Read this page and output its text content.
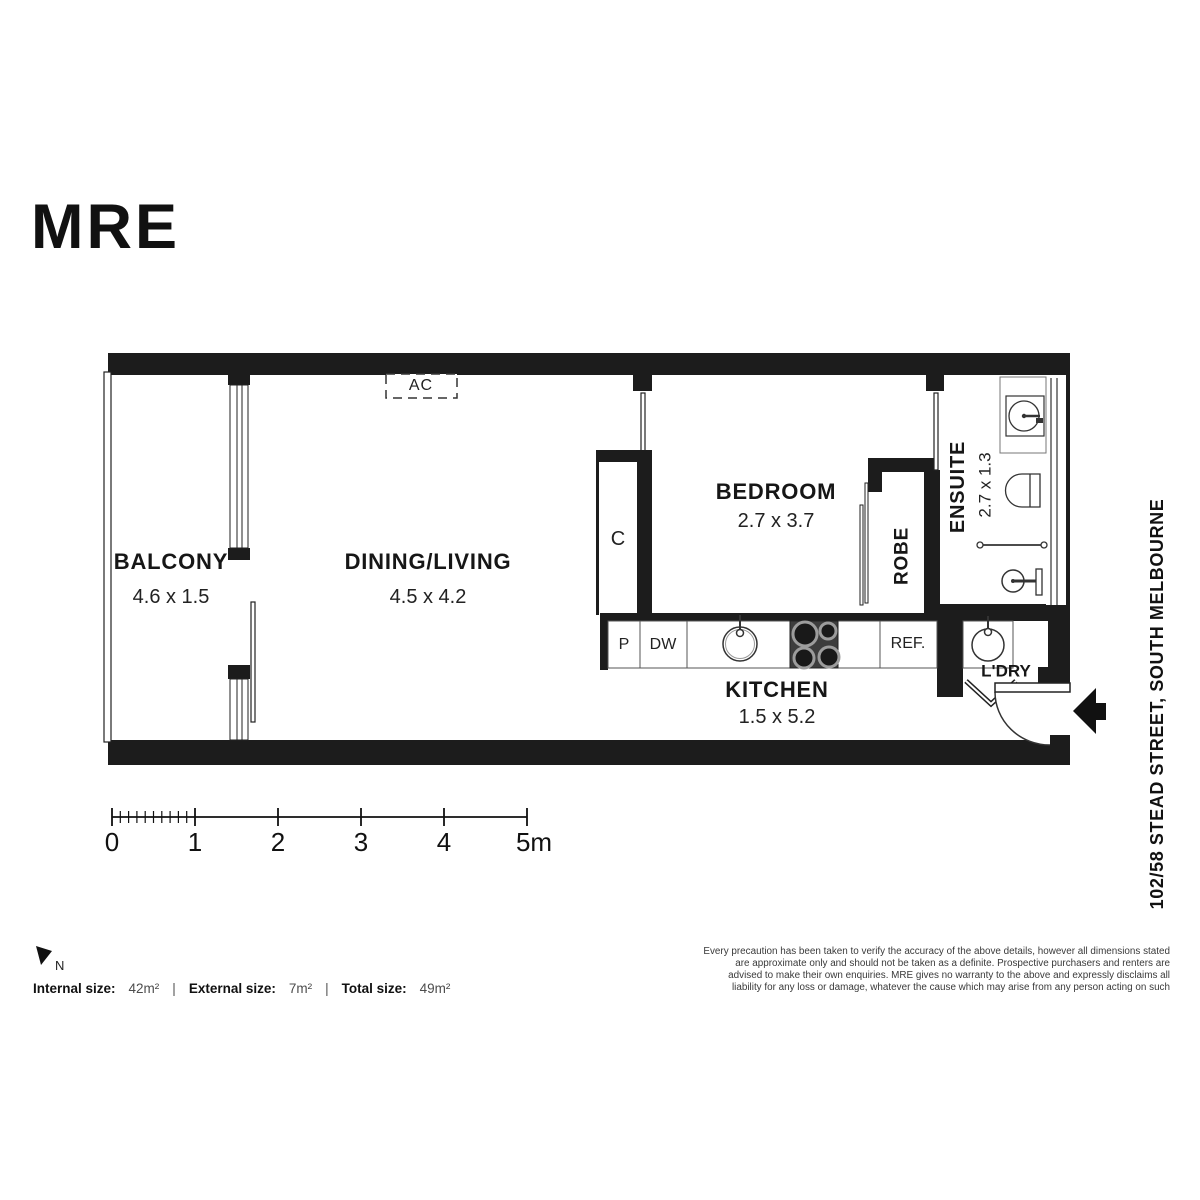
MRE
BALCONY
4.6 x 1.5
DINING/LIVING
4.5 x 4.2
BEDROOM
2.7 x 3.7
KITCHEN
1.5 x 5.2
ENSUITE 2.7 x 1.3
ROBE
C
L'DRY
AC
P DW	REF.
0	1	2	3	4 5m
N
Internal size: 42m² | External size: 7m² | Total size: 49m²
Every precaution has been taken to verify the accuracy of the above details, however all dimensions stated
are approximate only and should not be taken as a definite. Prospective purchasers and renters are
advised to make their own enquiries. MRE gives no warranty to the above and expressly disclaims all
liability for any loss or damage, whatever the cause which may arise from any person acting on such
102/58 STEAD STREET, SOUTH MELBOURNE
